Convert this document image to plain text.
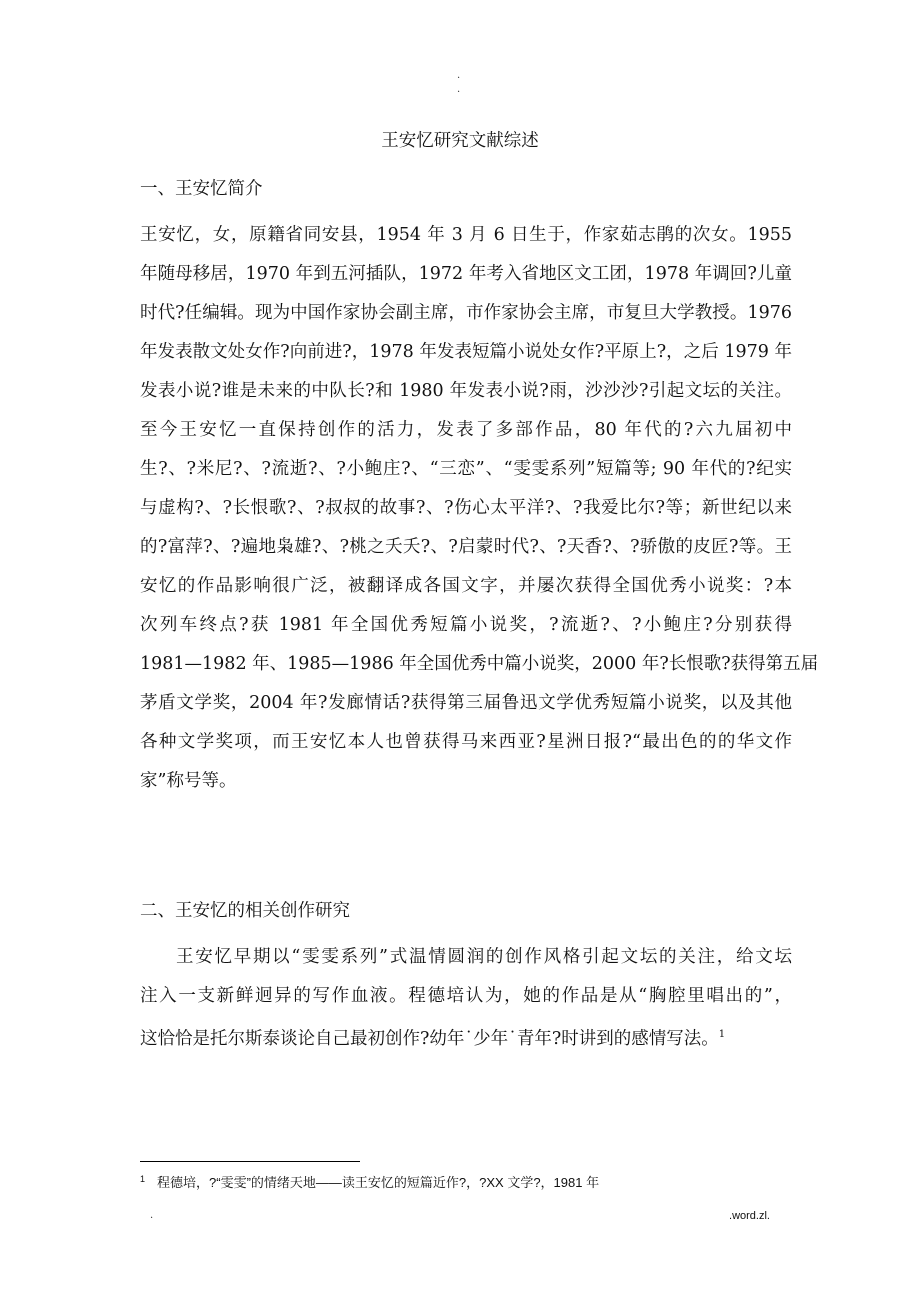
.
.
王安忆研究文献综述
一、王安忆简介
王安忆，女，原籍省同安县，1954 年 3 月 6 日生于，作家茹志鹃的次女。1955
年随母移居，1970 年到五河插队，1972 年考入省地区文工团，1978 年调回?儿童
时代?任编辑。现为中国作家协会副主席，市作家协会主席，市复旦大学教授。1976
年发表散文处女作?向前进?，1978 年发表短篇小说处女作?平原上?，之后 1979 年
发表小说?谁是未来的中队长?和 1980 年发表小说?雨，沙沙沙?引起文坛的关注。
至今王安忆一直保持创作的活力，发表了多部作品，80 年代的?六九届初中
生?、?米尼?、?流逝?、?小鲍庄?、“三恋”、“雯雯系列”短篇等; 90 年代的?纪实
与虚构?、?长恨歌?、?叔叔的故事?、?伤心太平洋?、?我爱比尔?等；新世纪以来
的?富萍?、?遍地枭雄?、?桃之夭夭?、?启蒙时代?、?天香?、?骄傲的皮匠?等。王
安忆的作品影响很广泛，被翻译成各国文字，并屡次获得全国优秀小说奖：?本
次列车终点?获 1981 年全国优秀短篇小说奖，?流逝?、?小鲍庄?分别获得
1981—1982 年、1985—1986 年全国优秀中篇小说奖，2000 年?长恨歌?获得第五届
茅盾文学奖，2004 年?发廊情话?获得第三届鲁迅文学优秀短篇小说奖，以及其他
各种文学奖项，而王安忆本人也曾获得马来西亚?星洲日报?“最出色的的华文作
家”称号等。
二、王安忆的相关创作研究
王安忆早期以“雯雯系列”式温情圆润的创作风格引起文坛的关注，给文坛
注入一支新鲜迥异的写作血液。程德培认为，她的作品是从“胸腔里唱出的”，
这恰恰是托尔斯泰谈论自己最初创作?幼年˙少年˙青年?时讲到的感情写法。$^1$
$^1$ 程德培，?“雯雯”的情绪天地——读王安忆的短篇近作?，?XX 文学?，1981 年
.	.word.zl.
